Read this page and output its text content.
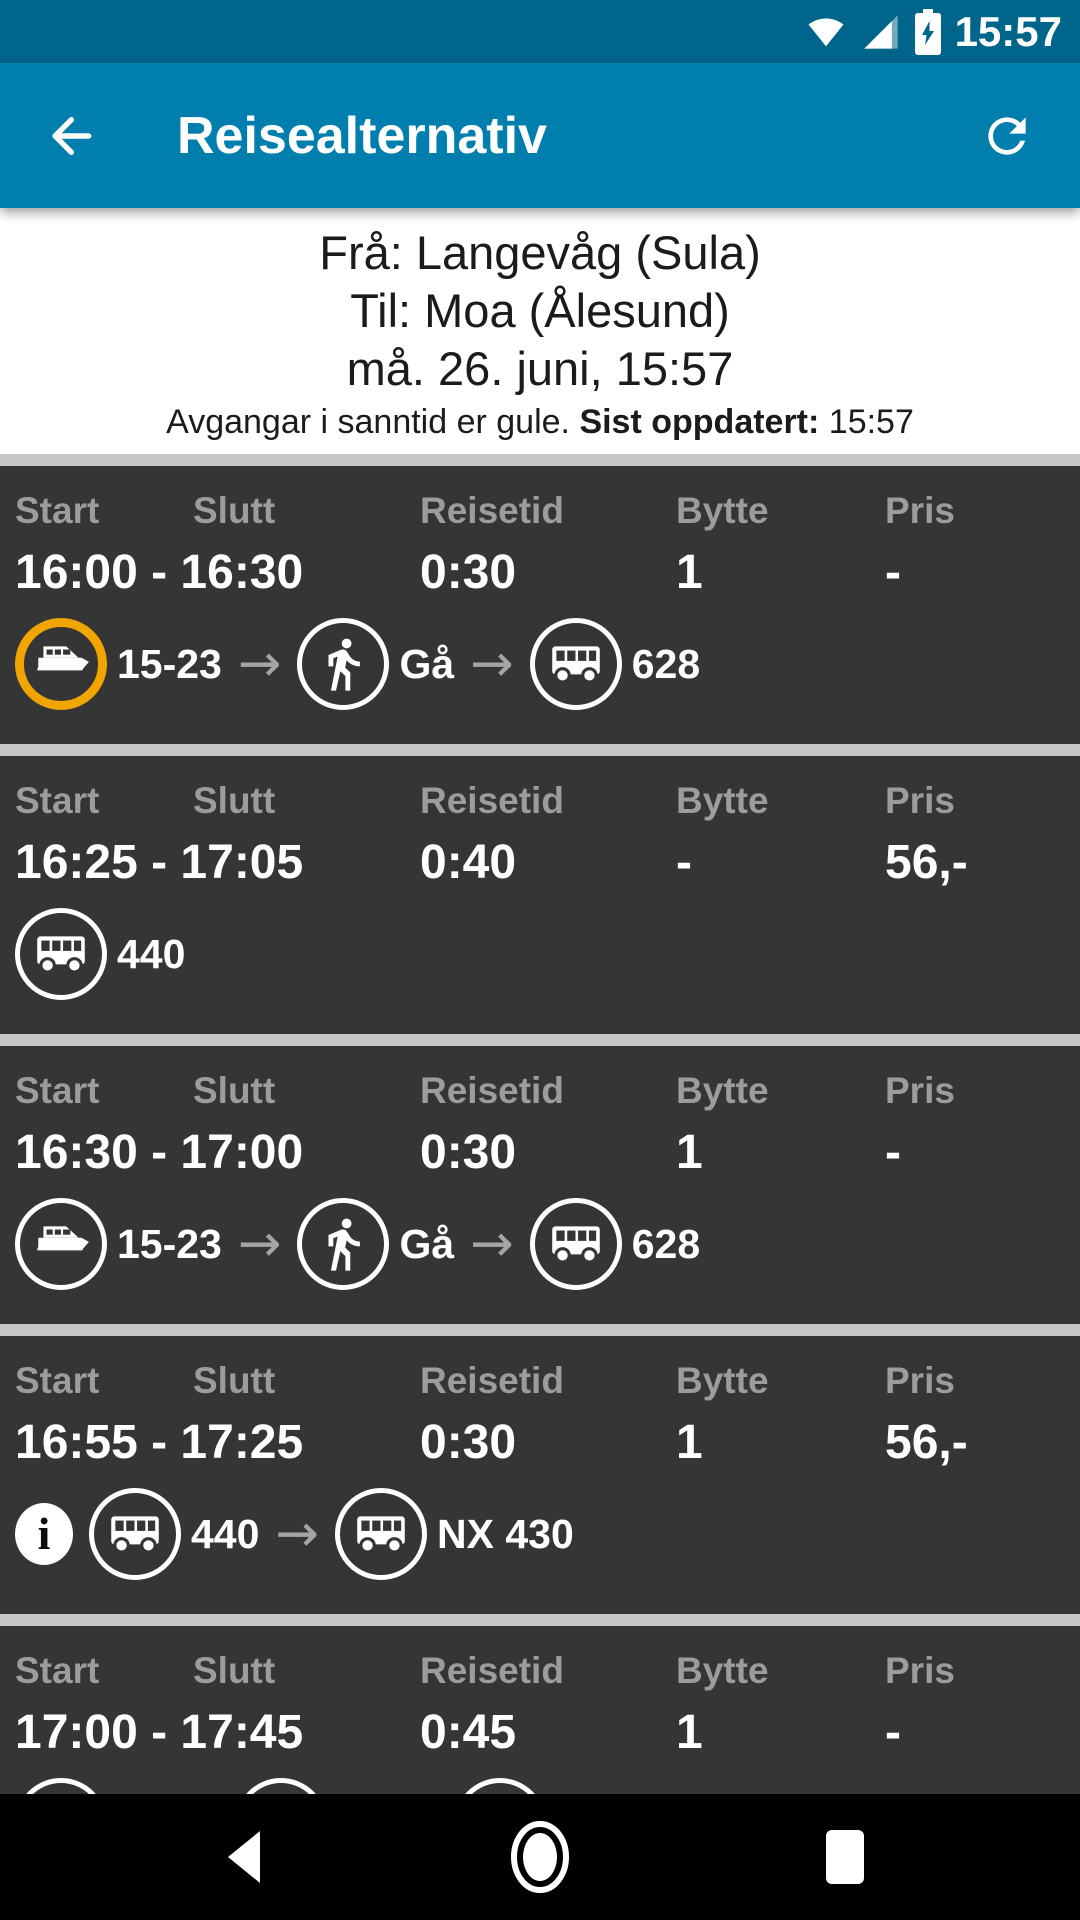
15:57
Reisealternativ
Frå: Langevåg (Sula)
Til: Moa (Ålesund)
må. 26. juni, 15:57
Avgangar i sanntid er gule. Sist oppdatert: 15:57
Start	Slutt	Reisetid	Bytte	Pris
16:00 - 16:30	0:30	1	-
15-23 →	Gå →	628
Start	Slutt	Reisetid	Bytte	Pris
16:25 - 17:05	0:40	-	56,-
440
Start	Slutt	Reisetid	Bytte	Pris
16:30 - 17:00	0:30	1	-
15-23 →	Gå →	628
Start	Slutt	Reisetid	Bytte	Pris
16:55 - 17:25	0:30	1	56,-
i	440 →	NX 430
Start	Slutt	Reisetid	Bytte	Pris
17:00 - 17:45	0:45	1	-
